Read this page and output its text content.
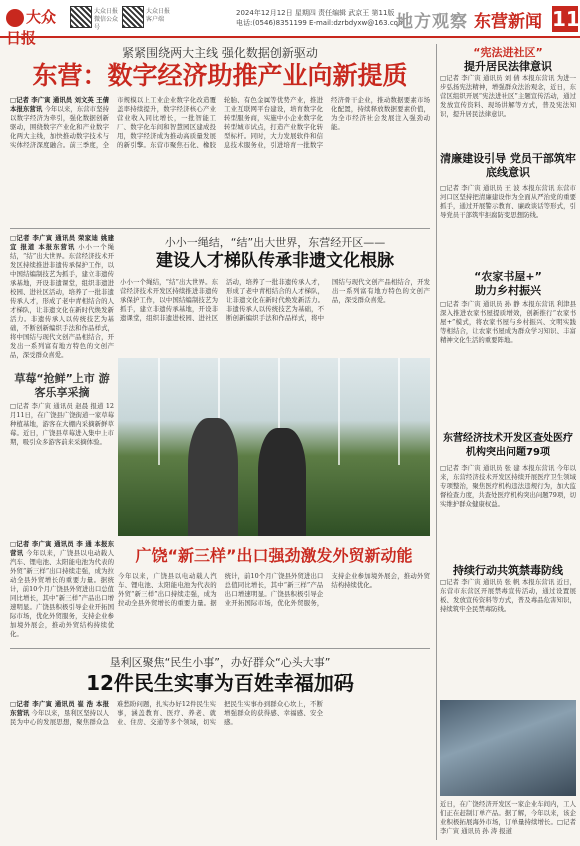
大众日报
大众日报微信公众号
大众日报客户端
2024年12月12日 星期四 责任编辑 武京王 第11版
电话:(0546)8351199 E-mail:dzrbdyxw@163.com
地方观察 东营新闻 11
紧紧围绕两大主线 强化数据创新驱动
东营：数字经济助推产业向新提质
□记者 李广寅 通讯员 刘文英 王倩 本报东营讯 今年以来，东营市坚持以数字经济为牵引，强化数据创新驱动，围绕数字产业化和产业数字化两大主线，加快推动数字技术与实体经济深度融合。前三季度，全市规模以上工业企业数字化改造覆盖率持续提升，数字经济核心产业营业收入同比增长，一批智能工厂、数字化车间和智慧园区建成投用，数字经济成为推动高质量发展的新引擎。东营市聚焦石化、橡胶轮胎、有色金属等优势产业，推进工业互联网平台建设，培育数字化转型服务商，实施中小企业数字化转型城市试点，打造产业数字化转型标杆。同时，大力发展软件和信息技术服务业，引进培育一批数字经济骨干企业，推动数据要素市场化配置，持续释放数据要素价值，为全市经济社会发展注入强劲动能。
小小一绳结，“结”出大世界，东营经开区——
建设人才梯队传承非遗文化根脉
□记者 李广寅 通讯员 荣家迪 姚建宜 报道 本报东营讯 小小一个绳结，“结”出大世界。东营经济技术开发区持续推进非遗传承保护工作，以中国结编制技艺为抓手，建立非遗传承基地，开设非遗课堂，组织非遗进校园、进社区活动，培养了一批非遗传承人才，形成了老中青相结合的人才梯队，让非遗文化在新时代焕发新活力。非遗传承人以传统技艺为基础，不断创新编织手法和作品样式，将中国结与现代文创产品相结合，开发出一系列富有地方特色的文创产品，深受群众喜爱。
小小一个绳结，“结”出大世界。东营经济技术开发区持续推进非遗传承保护工作，以中国结编制技艺为抓手，建立非遗传承基地，开设非遗课堂，组织非遗进校园、进社区活动，培养了一批非遗传承人才，形成了老中青相结合的人才梯队，让非遗文化在新时代焕发新活力。非遗传承人以传统技艺为基础，不断创新编织手法和作品样式，将中国结与现代文创产品相结合，开发出一系列富有地方特色的文创产品，深受群众喜爱。
草莓“抢鲜”上市 游客乐享采摘
□记者 李广寅 通讯员 赵晨 报道 12月11日，在广饶县广饶街道一家草莓种植基地，游客在大棚内采摘新鲜草莓。近日，广饶县草莓进入集中上市期，吸引众多游客前来采摘体验。
广饶“新三样”出口强劲激发外贸新动能
□记者 李广寅 通讯员 李 通 本报东营讯 今年以来，广饶县以电动载人汽车、锂电池、太阳能电池为代表的外贸“新三样”出口持续走强，成为拉动全县外贸增长的重要力量。据统计，前10个月广饶县外贸进出口总值同比增长，其中“新三样”产品出口增速明显。广饶县积极引导企业开拓国际市场，优化外贸服务，支持企业参加境外展会，推动外贸结构持续优化。
今年以来，广饶县以电动载人汽车、锂电池、太阳能电池为代表的外贸“新三样”出口持续走强，成为拉动全县外贸增长的重要力量。据统计，前10个月广饶县外贸进出口总值同比增长，其中“新三样”产品出口增速明显。广饶县积极引导企业开拓国际市场，优化外贸服务，支持企业参加境外展会，推动外贸结构持续优化。
垦利区聚焦“民生小事”，办好群众“心头大事”
12件民生实事为百姓幸福加码
□记者 李广寅 通讯员 崔 浩 本报东营讯 今年以来，垦利区坚持以人民为中心的发展思想，聚焦群众急难愁盼问题，扎实办好12件民生实事，涵盖教育、医疗、养老、就业、住房、交通等多个领域，切实把民生实事办到群众心坎上，不断增强群众的获得感、幸福感、安全感。
“宪法进社区”
提升居民法律意识
□记者 李广寅 通讯员 刘 倩 本报东营讯 为进一步弘扬宪法精神，增强群众法治观念，近日，东营区组织开展“宪法进社区”主题宣传活动，通过发放宣传资料、现场讲解等方式，普及宪法知识，提升居民法律意识。
清廉建设引导 党员干部筑牢底线意识
□记者 李广寅 通讯员 王 波 本报东营讯 东营市河口区坚持把清廉建设作为全面从严治党的重要抓手，通过开展警示教育、廉政谈话等形式，引导党员干部筑牢拒腐防变思想防线。
“农家书屋+”
助力乡村振兴
□记者 李广寅 通讯员 孙 静 本报东营讯 利津县深入推进农家书屋提质增效，创新推行“农家书屋+”模式，将农家书屋与乡村振兴、文明实践等相结合，让农家书屋成为群众学习知识、丰富精神文化生活的重要阵地。
东营经济技术开发区查处医疗机构突出问题79项
□记者 李广寅 通讯员 张 建 本报东营讯 今年以来，东营经济技术开发区持续开展医疗卫生领域专项整治，聚焦医疗机构违法违规行为，加大监督检查力度，共查处医疗机构突出问题79项，切实维护群众健康权益。
持续行动共筑禁毒防线
□记者 李广寅 通讯员 张 帆 本报东营讯 近日，东营市东营区开展禁毒宣传活动，通过设置展板、发放宣传资料等方式，普及毒品危害知识，持续筑牢全民禁毒防线。
近日，在广饶经济开发区一家企业车间内，工人们正在赶制订单产品。据了解，今年以来，该企业积极拓展海外市场，订单量持续增长。□记者 李广寅 通讯员 孙 涛 报道
